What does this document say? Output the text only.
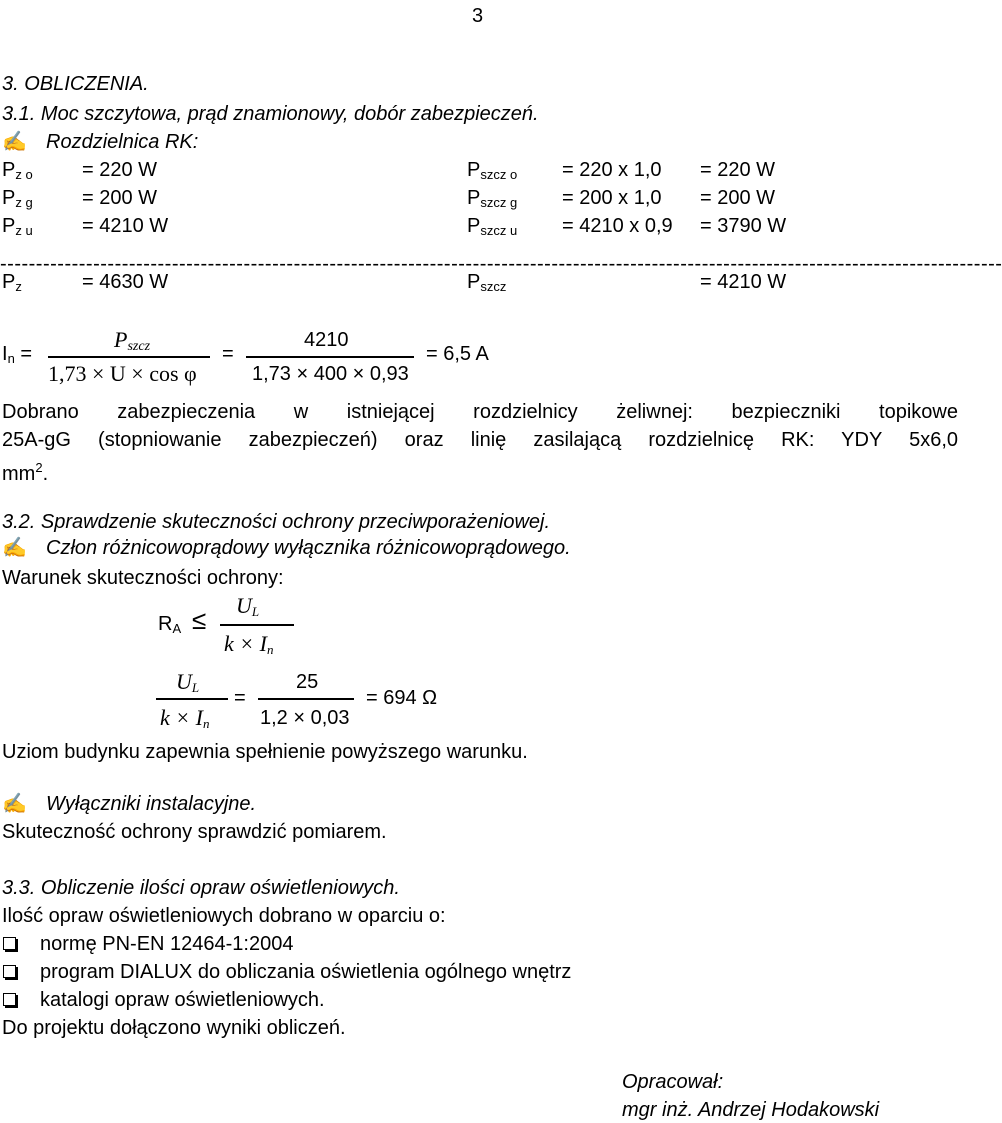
3
3. OBLICZENIA.
3.1. Moc szczytowa, prąd znamionowy, dobór zabezpieczeń.
✍ Rozdzielnica RK:
$P_{z o} = 220$ W	$P_{szcz o} = 220$ x 1,0 = 220 W
$P_{z g} = 200$ W	$P_{szcz g} = 200$ x 1,0 = 200 W
$P_{z u} = 4210$ W	$P_{szcz u} = 4210$ x 0,9 = 3790 W
--------------------------------------------------------------------------------------------------------------------------------------------
$P_z$	= 4630 W	$P_{szcz}$	= 4210 W
$I_n$ =
$P_{szcz}$
1,73 × U × cos φ
=
4210
1,73 × 400 × 0,93
= 6,5 A
Dobrano zabezpieczenia w istniejącej rozdzielnicy żeliwnej: bezpieczniki topikowe
25A-gG (stopniowanie zabezpieczeń) oraz linię zasilającą rozdzielnicę RK: YDY 5x6,0
$mm^2$.
3.2. Sprawdzenie skuteczności ochrony przeciwporażeniowej.
✍ Człon różnicowoprądowy wyłącznika różnicowoprądowego.
Warunek skuteczności ochrony:
$R_A \le U_L$
$k \times I_n$
$U_L$
$k \times I_n$
=
25
1,2 × 0,03
= 694 Ω
Uziom budynku zapewnia spełnienie powyższego warunku.
✍ Wyłączniki instalacyjne.
Skuteczność ochrony sprawdzić pomiarem.
3.3. Obliczenie ilości opraw oświetleniowych.
Ilość opraw oświetleniowych dobrano w oparciu o:
normę PN-EN 12464-1:2004
program DIALUX do obliczania oświetlenia ogólnego wnętrz
katalogi opraw oświetleniowych.
Do projektu dołączono wyniki obliczeń.
Opracował:
mgr inż. Andrzej Hodakowski
